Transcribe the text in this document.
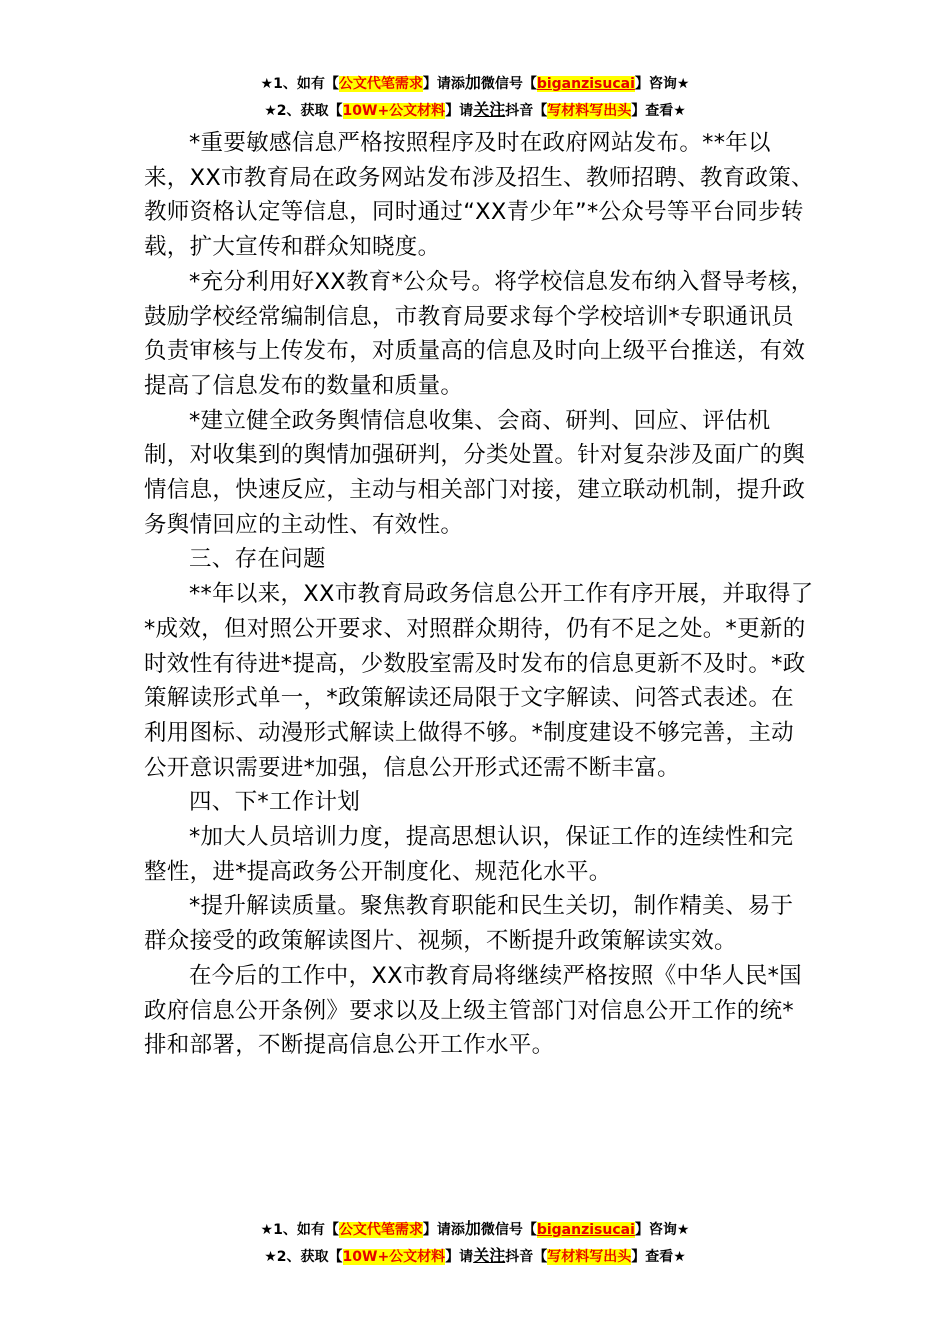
★1、如有【公文代笔需求】请添加微信号【biganzisucai】咨询★
★2、获取【10W+公文材料】请关注抖音【写材料写出头】查看★

*重要敏感信息严格按照程序及时在政府网站发布。**年以来，XX市教育局在政务网站发布涉及招生、教师招聘、教育政策、教师资格认定等信息，同时通过“XX青少年”*公众号等平台同步转载，扩大宣传和群众知晓度。

*充分利用好XX教育*公众号。将学校信息发布纳入督导考核，鼓励学校经常编制信息，市教育局要求每个学校培训*专职通讯员负责审核与上传发布，对质量高的信息及时向上级平台推送，有效提高了信息发布的数量和质量。

*建立健全政务舆情信息收集、会商、研判、回应、评估机制，对收集到的舆情加强研判，分类处置。针对复杂涉及面广的舆情信息，快速反应，主动与相关部门对接，建立联动机制，提升政务舆情回应的主动性、有效性。

三、存在问题

**年以来，XX市教育局政务信息公开工作有序开展，并取得了*成效，但对照公开要求、对照群众期待，仍有不足之处。*更新的时效性有待进*提高，少数股室需及时发布的信息更新不及时。*政策解读形式单一，*政策解读还局限于文字解读、问答式表述。在利用图标、动漫形式解读上做得不够。*制度建设不够完善，主动公开意识需要进*加强，信息公开形式还需不断丰富。

四、下*工作计划

*加大人员培训力度，提高思想认识，保证工作的连续性和完整性，进*提高政务公开制度化、规范化水平。

*提升解读质量。聚焦教育职能和民生关切，制作精美、易于群众接受的政策解读图片、视频，不断提升政策解读实效。

在今后的工作中，XX市教育局将继续严格按照《中华人民*国政府信息公开条例》要求以及上级主管部门对信息公开工作的统*排和部署，不断提高信息公开工作水平。

★1、如有【公文代笔需求】请添加微信号【biganzisucai】咨询★
★2、获取【10W+公文材料】请关注抖音【写材料写出头】查看★
